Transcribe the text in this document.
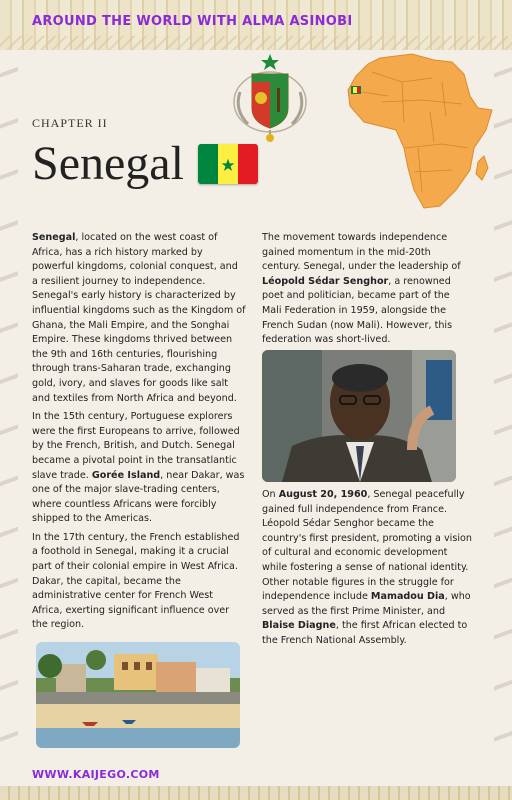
AROUND THE WORLD WITH ALMA ASINOBI
CHAPTER II
Senegal

Senegal, located on the west coast of Africa, has a rich history marked by powerful kingdoms, colonial conquest, and a resilient journey to independence. Senegal's early history is characterized by influential kingdoms such as the Kingdom of Ghana, the Mali Empire, and the Songhai Empire. These kingdoms thrived between the 9th and 16th centuries, flourishing through trans-Saharan trade, exchanging gold, ivory, and slaves for goods like salt and textiles from North Africa and beyond.

In the 15th century, Portuguese explorers were the first Europeans to arrive, followed by the French, British, and Dutch. Senegal became a pivotal point in the transatlantic slave trade. Gorée Island, near Dakar, was one of the major slave-trading centers, where countless Africans were forcibly shipped to the Americas.

In the 17th century, the French established a foothold in Senegal, making it a crucial part of their colonial empire in West Africa. Dakar, the capital, became the administrative center for French West Africa, exerting significant influence over the region.

The movement towards independence gained momentum in the mid-20th century. Senegal, under the leadership of Léopold Sédar Senghor, a renowned poet and politician, became part of the Mali Federation in 1959, alongside the French Sudan (now Mali). However, this federation was short-lived.

On August 20, 1960, Senegal peacefully gained full independence from France. Léopold Sédar Senghor became the country's first president, promoting a vision of cultural and economic development while fostering a sense of national identity. Other notable figures in the struggle for independence include Mamadou Dia, who served as the first Prime Minister, and Blaise Diagne, the first African elected to the French National Assembly.

WWW.KAIJEGO.COM
